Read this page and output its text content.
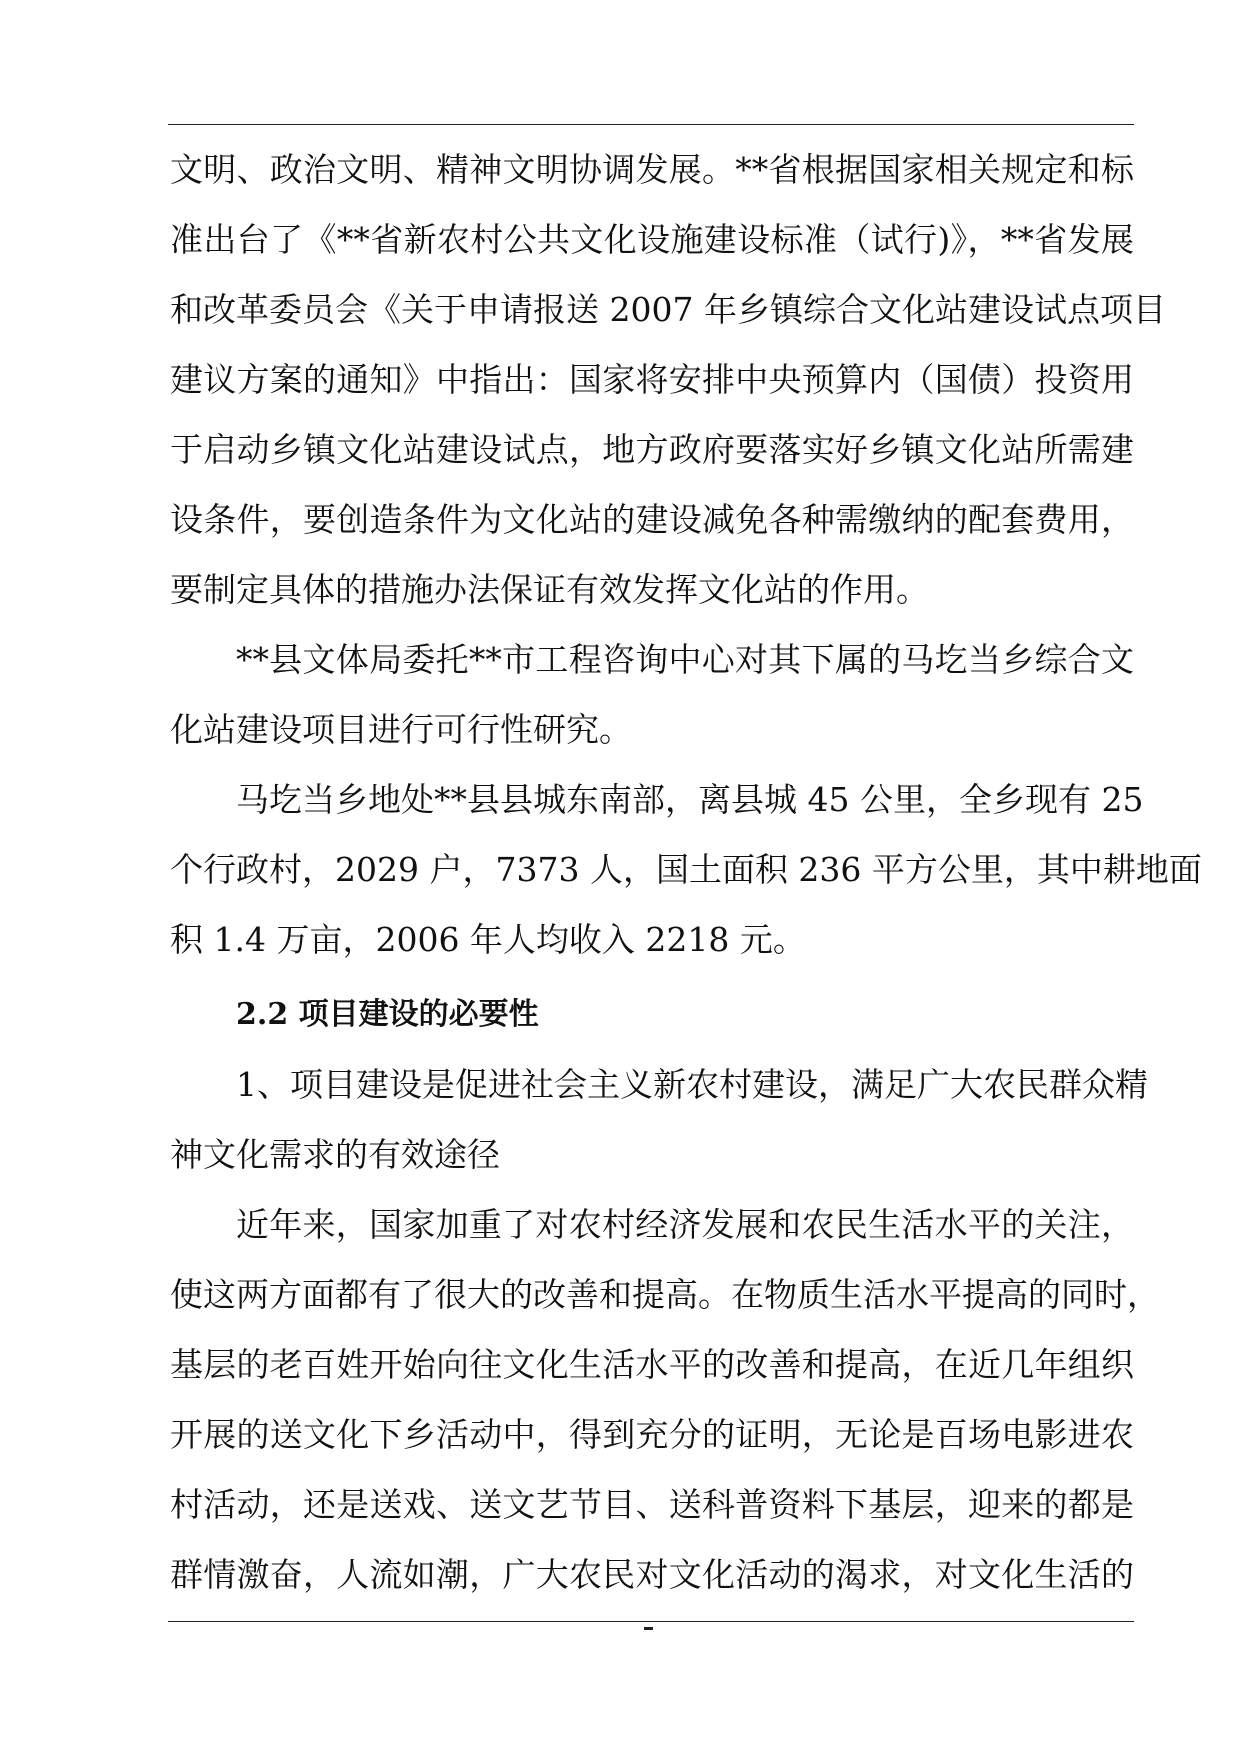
文明、政治文明、精神文明协调发展。**省根据国家相关规定和标
准出台了《**省新农村公共文化设施建设标准（试行)》，**省发展
和改革委员会《关于申请报送 2007 年乡镇综合文化站建设试点项目
建议方案的通知》中指出：国家将安排中央预算内（国债）投资用
于启动乡镇文化站建设试点，地方政府要落实好乡镇文化站所需建
设条件，要创造条件为文化站的建设减免各种需缴纳的配套费用，
要制定具体的措施办法保证有效发挥文化站的作用。
**县文体局委托**市工程咨询中心对其下属的马圪当乡综合文
化站建设项目进行可行性研究。
马圪当乡地处**县县城东南部，离县城 45 公里，全乡现有 25
个行政村，2029 户，7373 人，国土面积 236 平方公里，其中耕地面
积 1.4 万亩，2006 年人均收入 2218 元。
2.2 项目建设的必要性
1、项目建设是促进社会主义新农村建设，满足广大农民群众精
神文化需求的有效途径
近年来，国家加重了对农村经济发展和农民生活水平的关注，
使这两方面都有了很大的改善和提高。在物质生活水平提高的同时，
基层的老百姓开始向往文化生活水平的改善和提高，在近几年组织
开展的送文化下乡活动中，得到充分的证明，无论是百场电影进农
村活动，还是送戏、送文艺节目、送科普资料下基层，迎来的都是
群情激奋，人流如潮，广大农民对文化活动的渴求，对文化生活的
